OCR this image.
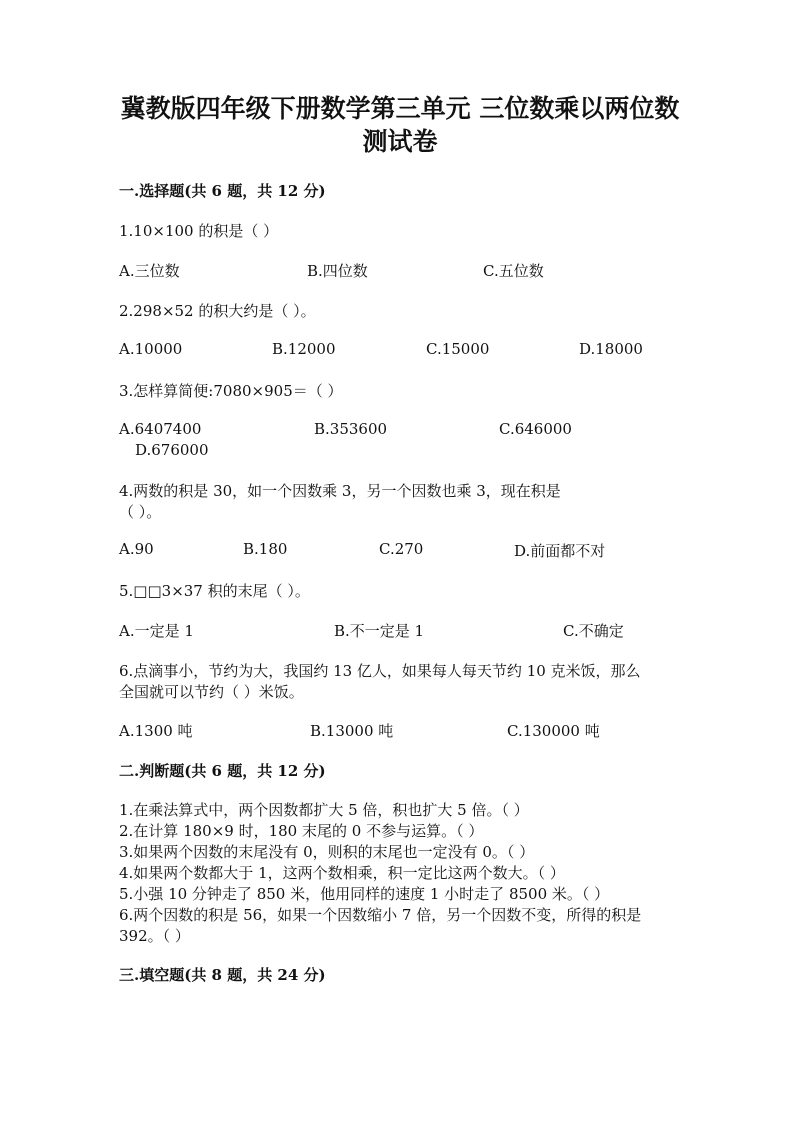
冀教版四年级下册数学第三单元 三位数乘以两位数
测试卷
一.选择题(共 6 题，共 12 分)
1.10×100 的积是（ ）
A.三位数	B.四位数	C.五位数
2.298×52 的积大约是（ ）。
A.10000	B.12000	C.15000	D.18000
3.怎样算简便:7080×905＝（ ）
A.6407400	B.353600	C.646000
D.676000
4.两数的积是 30，如一个因数乘 3，另一个因数也乘 3，现在积是
（ ）。
A.90	B.180	C.270	D.前面都不对
5.□□3×37 积的末尾（ ）。
A.一定是 1	B.不一定是 1	C.不确定
6.点滴事小，节约为大，我国约 13 亿人，如果每人每天节约 10 克米饭，那么
全国就可以节约（ ）米饭。
A.1300 吨	B.13000 吨	C.130000 吨
二.判断题(共 6 题，共 12 分)
1.在乘法算式中，两个因数都扩大 5 倍，积也扩大 5 倍。（ ）
2.在计算 180×9 时，180 末尾的 0 不参与运算。（ ）
3.如果两个因数的末尾没有 0，则积的末尾也一定没有 0。（ ）
4.如果两个数都大于 1，这两个数相乘，积一定比这两个数大。（ ）
5.小强 10 分钟走了 850 米，他用同样的速度 1 小时走了 8500 米。（ ）
6.两个因数的积是 56，如果一个因数缩小 7 倍，另一个因数不变，所得的积是
392。（ ）
三.填空题(共 8 题，共 24 分)
